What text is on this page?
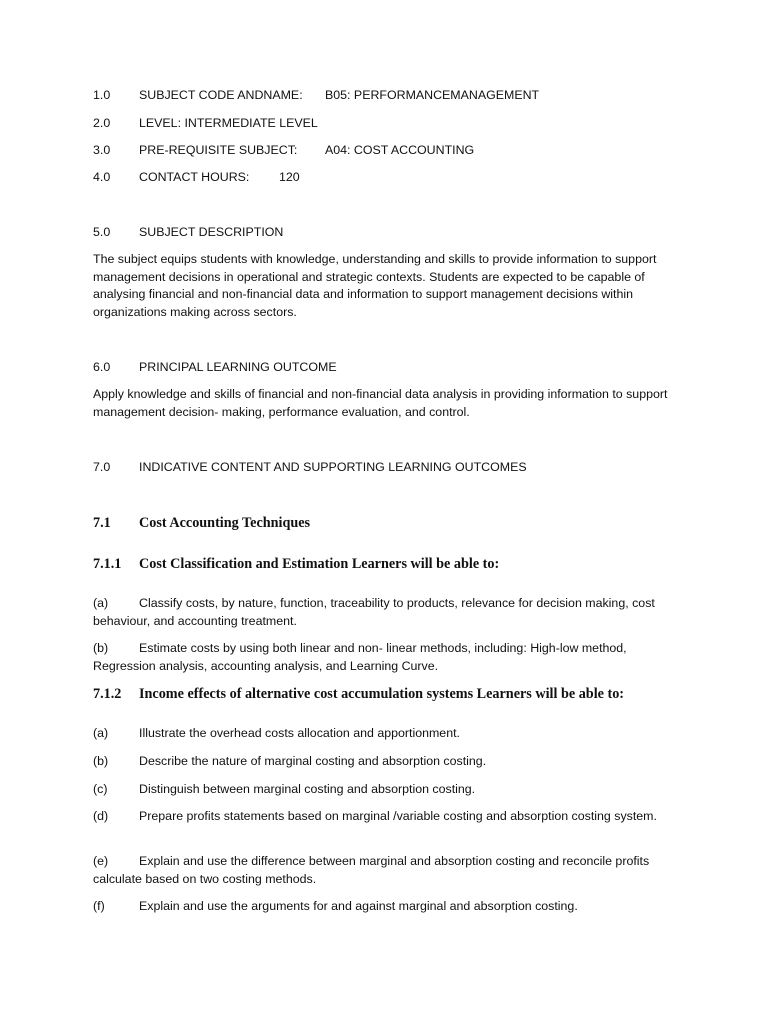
1.0 SUBJECT CODE ANDNAME: B05: PERFORMANCEMANAGEMENT
2.0 LEVEL: INTERMEDIATE LEVEL
3.0 PRE-REQUISITE SUBJECT: A04: COST ACCOUNTING
4.0 CONTACT HOURS: 120
5.0 SUBJECT DESCRIPTION
The subject equips students with knowledge, understanding and skills to provide information to support management decisions in operational and strategic contexts. Students are expected to be capable of analysing financial and non-financial data and information to support management decisions within organizations making across sectors.
6.0 PRINCIPAL LEARNING OUTCOME
Apply knowledge and skills of financial and non-financial data analysis in providing information to support management decision- making, performance evaluation, and control.
7.0 INDICATIVE CONTENT AND SUPPORTING LEARNING OUTCOMES
7.1 Cost Accounting Techniques
7.1.1 Cost Classification and Estimation Learners will be able to:
(a) Classify costs, by nature, function, traceability to products, relevance for decision making, cost behaviour, and accounting treatment.
(b) Estimate costs by using both linear and non- linear methods, including: High-low method, Regression analysis, accounting analysis, and Learning Curve.
7.1.2 Income effects of alternative cost accumulation systems Learners will be able to:
(a) Illustrate the overhead costs allocation and apportionment.
(b) Describe the nature of marginal costing and absorption costing.
(c)	Distinguish between marginal costing and absorption costing.
(d) Prepare profits statements based on marginal /variable costing and absorption costing system.
(e) Explain and use the difference between marginal and absorption costing and reconcile profits calculate based on two costing methods.
(f)	Explain and use the arguments for and against marginal and absorption costing.
